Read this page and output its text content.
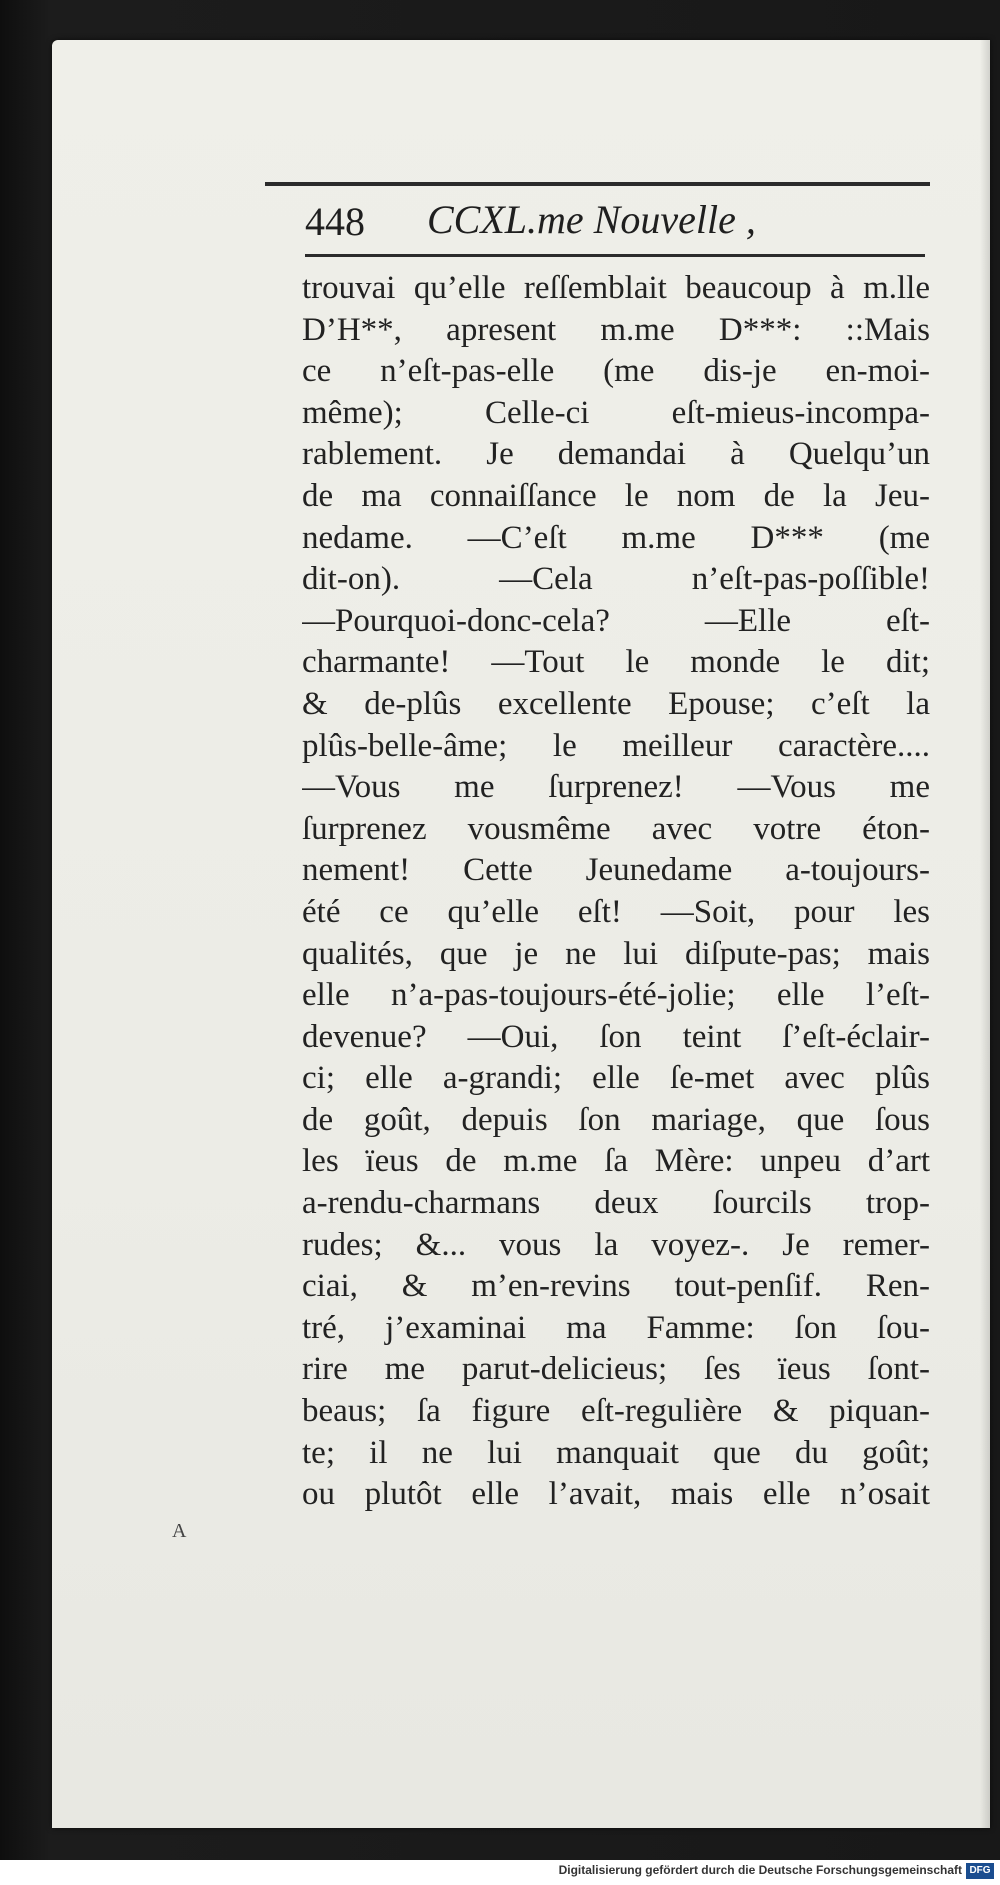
448 CCXL.me Nouvelle ,
trouvai qu’elle reſſemblait beaucoup à m.lle
D’H**, apresent m.me D***: ::Mais
ce n’eſt-pas-elle (me dis-je en-moi-
même); Celle-ci eſt-mieus-incompa-
rablement. Je demandai à Quelqu’un
de ma connaiſſance le nom de la Jeu-
nedame. —C’eſt m.me D*** (me
dit-on). —Cela n’eſt-pas-poſſible!
—Pourquoi-donc-cela? —Elle eſt-
charmante! —Tout le monde le dit;
& de-plûs excellente Epouse; c’eſt la
plûs-belle-âme; le meilleur caractère....
—Vous me ſurprenez! —Vous me
ſurprenez vousmême avec votre éton-
nement! Cette Jeunedame a-toujours-
été ce qu’elle eſt! —Soit, pour les
qualités, que je ne lui diſpute-pas; mais
elle n’a-pas-toujours-été-jolie; elle l’eſt-
devenue? —Oui, ſon teint ſ’eſt-éclair-
ci; elle a-grandi; elle ſe-met avec plûs
de goût, depuis ſon mariage, que ſous
les ïeus de m.me ſa Mère: unpeu d’art
a-rendu-charmans deux ſourcils trop-
rudes; &... vous la voyez-. Je remer-
ciai, & m’en-revins tout-penſif. Ren-
tré, j’examinai ma Famme: ſon ſou-
rire me parut-delicieus; ſes ïeus ſont-
beaus; ſa figure eſt-regulière & piquan-
te; il ne lui manquait que du goût;
ou plutôt elle l’avait, mais elle n’osait
A
Digitalisierung gefördert durch die Deutsche Forschungsgemeinschaft DFG
